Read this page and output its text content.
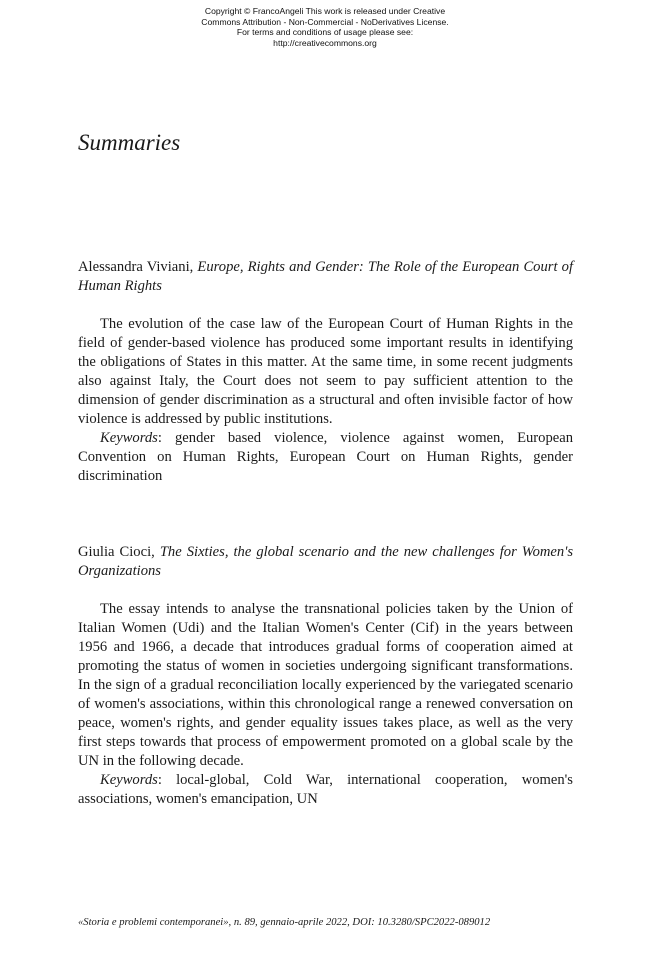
Copyright © FrancoAngeli This work is released under Creative
Commons Attribution - Non-Commercial - NoDerivatives License.
For terms and conditions of usage please see:
http://creativecommons.org
Summaries

Alessandra Viviani, Europe, Rights and Gender: The Role of the European Court of Human Rights

The evolution of the case law of the European Court of Human Rights in the field of gender-based violence has produced some important results in identifying the obligations of States in this matter. At the same time, in some recent judgments also against Italy, the Court does not seem to pay sufficient attention to the dimension of gender discrimination as a structural and often invisible factor of how violence is addressed by public institutions.

Keywords: gender based violence, violence against women, European Convention on Human Rights, European Court on Human Rights, gender discrimination

Giulia Cioci, The Sixties, the global scenario and the new challenges for Women's Organizations

The essay intends to analyse the transnational policies taken by the Union of Italian Women (Udi) and the Italian Women's Center (Cif) in the years between 1956 and 1966, a decade that introduces gradual forms of cooperation aimed at promoting the status of women in societies undergoing significant transformations. In the sign of a gradual reconciliation locally experienced by the variegated scenario of women's associations, within this chronological range a renewed conversation on peace, women's rights, and gender equality issues takes place, as well as the very first steps towards that process of empowerment promoted on a global scale by the UN in the following decade.

Keywords: local-global, Cold War, international cooperation, women's associations, women's emancipation, UN

«Storia e problemi contemporanei», n. 89, gennaio-aprile 2022, DOI: 10.3280/SPC2022-089012
